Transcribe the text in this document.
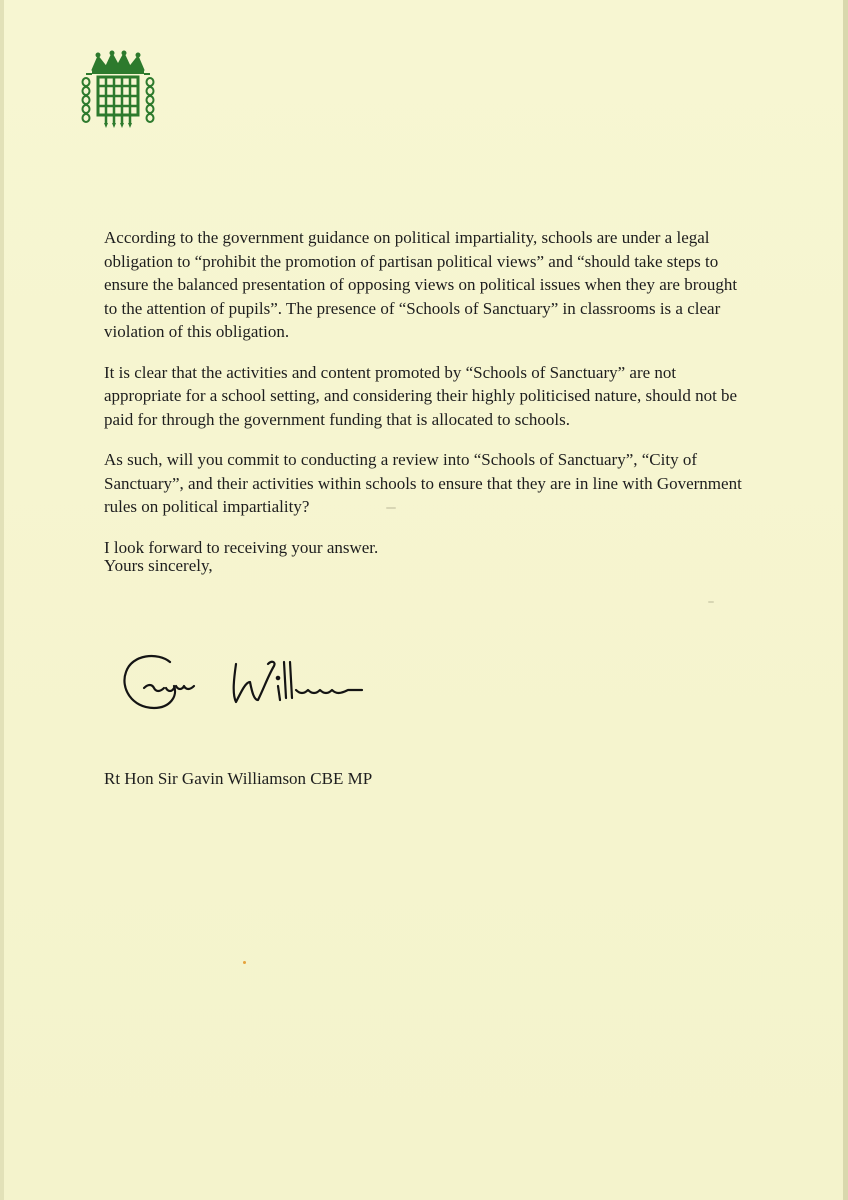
According to the government guidance on political impartiality, schools are under a legal obligation to “prohibit the promotion of partisan political views” and “should take steps to ensure the balanced presentation of opposing views on political issues when they are brought to the attention of pupils”. The presence of “Schools of Sanctuary” in classrooms is a clear violation of this obligation.

It is clear that the activities and content promoted by “Schools of Sanctuary” are not appropriate for a school setting, and considering their highly politicised nature, should not be paid for through the government funding that is allocated to schools.

As such, will you commit to conducting a review into “Schools of Sanctuary”, “City of Sanctuary”, and their activities within schools to ensure that they are in line with Government rules on political impartiality?

I look forward to receiving your answer.

Yours sincerely,
Rt Hon Sir Gavin Williamson CBE MP
